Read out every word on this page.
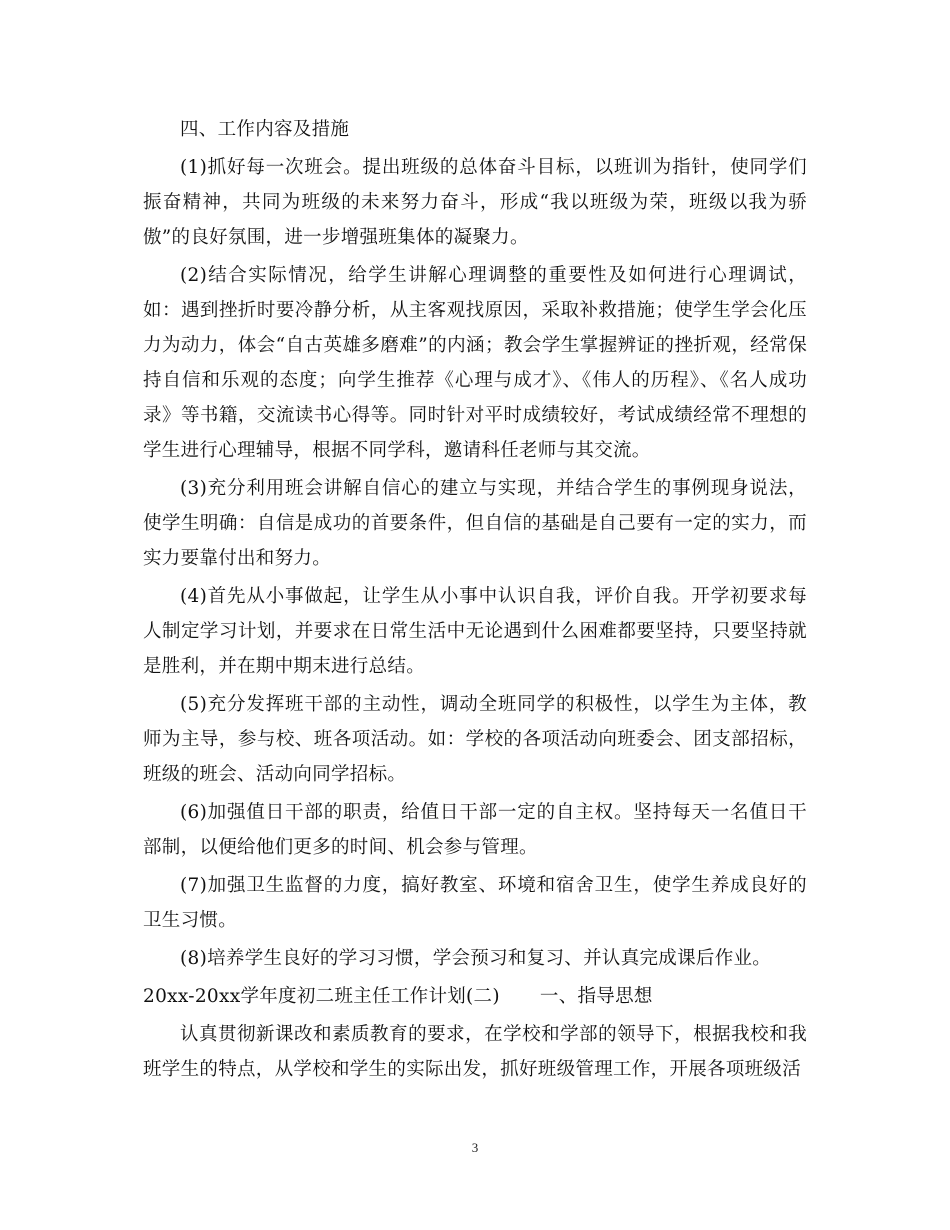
四、工作内容及措施

(1)抓好每一次班会。提出班级的总体奋斗目标，以班训为指针，使同学们振奋精神，共同为班级的未来努力奋斗，形成“我以班级为荣，班级以我为骄傲”的良好氛围，进一步增强班集体的凝聚力。

(2)结合实际情况，给学生讲解心理调整的重要性及如何进行心理调试，如：遇到挫折时要冷静分析，从主客观找原因，采取补救措施；使学生学会化压力为动力，体会“自古英雄多磨难”的内涵；教会学生掌握辨证的挫折观，经常保持自信和乐观的态度；向学生推荐《心理与成才》、《伟人的历程》、《名人成功录》等书籍，交流读书心得等。同时针对平时成绩较好，考试成绩经常不理想的学生进行心理辅导，根据不同学科，邀请科任老师与其交流。

(3)充分利用班会讲解自信心的建立与实现，并结合学生的事例现身说法，使学生明确：自信是成功的首要条件，但自信的基础是自己要有一定的实力，而实力要靠付出和努力。

(4)首先从小事做起，让学生从小事中认识自我，评价自我。开学初要求每人制定学习计划，并要求在日常生活中无论遇到什么困难都要坚持，只要坚持就是胜利，并在期中期末进行总结。

(5)充分发挥班干部的主动性，调动全班同学的积极性，以学生为主体，教师为主导，参与校、班各项活动。如：学校的各项活动向班委会、团支部招标，班级的班会、活动向同学招标。

(6)加强值日干部的职责，给值日干部一定的自主权。坚持每天一名值日干部制，以便给他们更多的时间、机会参与管理。

(7)加强卫生监督的力度，搞好教室、环境和宿舍卫生，使学生养成良好的卫生习惯。

(8)培养学生良好的学习习惯，学会预习和复习、并认真完成课后作业。

20xx-20xx学年度初二班主任工作计划(二) 一、指导思想

认真贯彻新课改和素质教育的要求，在学校和学部的领导下，根据我校和我班学生的特点，从学校和学生的实际出发，抓好班级管理工作，开展各项班级活

3
